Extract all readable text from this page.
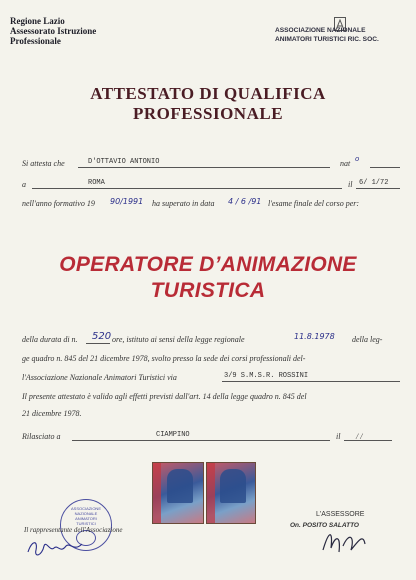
Regione Lazio
Assessorato Istruzione
Professionale
ASSOCIAZIONE NAZIONALE
ANIMATORI TURISTICI RIC. SOC.
ATTESTATO DI QUALIFICA
PROFESSIONALE
Si attesta che	D'OTTAVIO ANTONIO	nat o
a	ROMA	il 6/ 1/72
nell'anno formativo 19 90/1991 ha superato in data 4 / 6 /91 l'esame finale del corso per:
OPERATORE D’ANIMAZIONE
TURISTICA
della durata di n. 520 ore, istituto ai sensi della legge regionale	11.8.1978 della leg-
ge quadro n. 845 del 21 dicembre 1978, svolto presso la sede dei corsi professionali del-
l'Associazione Nazionale Animatori Turistici via	3/9 S.M.S.R. ROSSINI
Il presente attestato è valido agli effetti previsti dall'art. 14 della legge quadro n. 845 del
21 dicembre 1978.
Rilasciato a	CIAMPINO	il / /
ASSOCIAZIONE NAZIONALE ANIMATORI TURISTICI
Il rappresentante dell'Associazione
L'ASSESSORE
On. POSITO SALATTO
